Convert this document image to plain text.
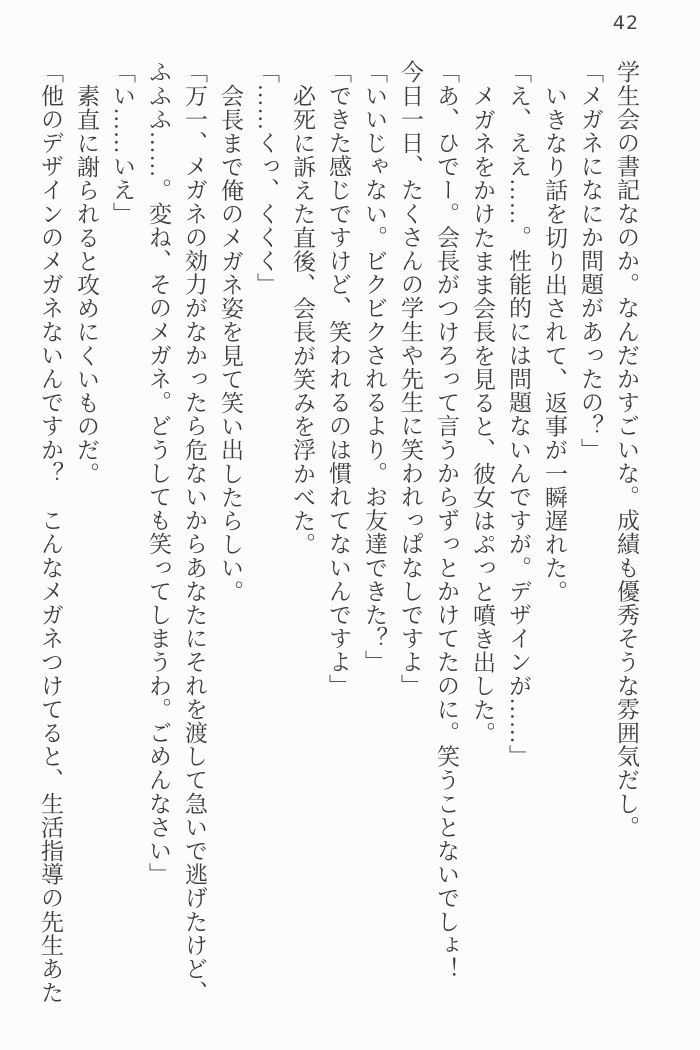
42
学生会の書記なのか。なんだかすごいな。成績も優秀そうな雰囲気だし。
「メガネになにか問題があったの？」
いきなり話を切り出されて、返事が一瞬遅れた。
「え、ええ……。性能的には問題ないんですが。デザインが……」
メガネをかけたまま会長を見ると、彼女はぷっと噴き出した。
「あ、ひでー。会長がつけろって言うからずっとかけてたのに。笑うことないでしょ！
今日一日、たくさんの学生や先生に笑われっぱなしですよ」
「いいじゃない。ビクビクされるより。お友達できた？」
「できた感じですけど、笑われるのは慣れてないんですよ」
必死に訴えた直後、会長が笑みを浮かべた。
「……くっ、くくく」
会長まで俺のメガネ姿を見て笑い出したらしい。
「万一、メガネの効力がなかったら危ないからあなたにそれを渡して急いで逃げたけど、
ふふふ……。変ね、そのメガネ。どうしても笑ってしまうわ。ごめんなさい」
「い……いえ」
素直に謝られると攻めにくいものだ。
「他のデザインのメガネないんですか？　こんなメガネつけてると、生活指導の先生あた
